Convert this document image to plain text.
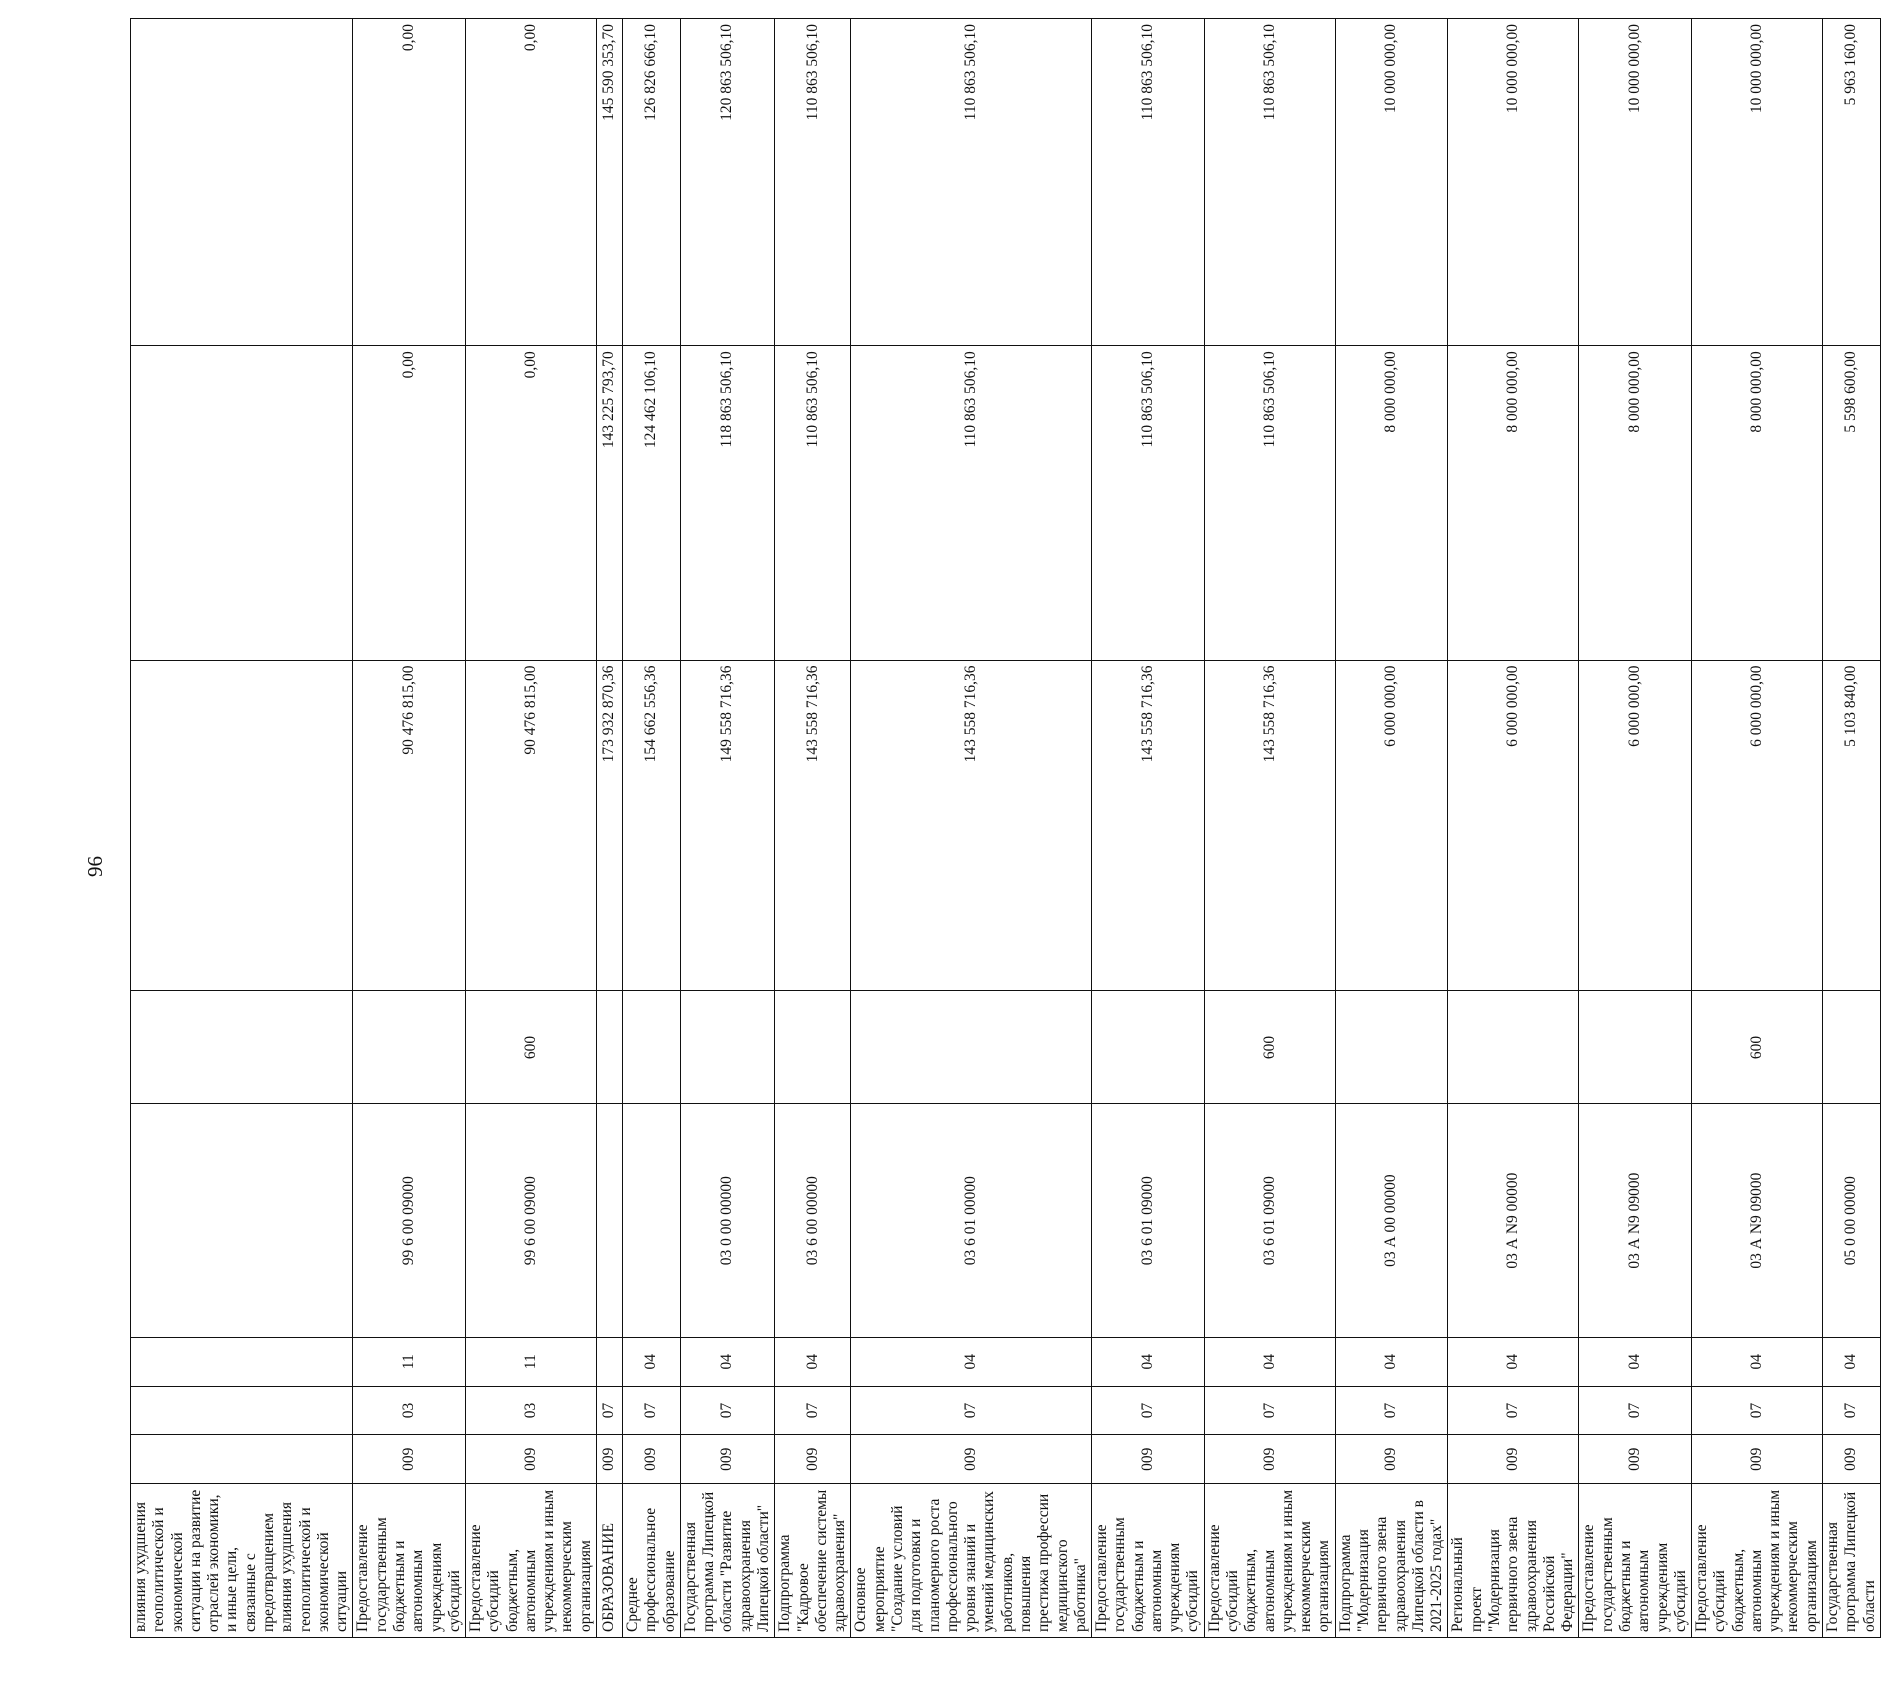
96
влияния ухудшения геополитической и экономической ситуации на развитие отраслей экономики, и иные цели, связанные с предотвращением влияния ухудшения геополитической и экономической ситуации								
Предоставление государственным бюджетным и автономным учреждениям субсидий	009	03	11	99 6 00 09000		90 476 815,00	0,00	0,00
Предоставление субсидий бюджетным, автономным учреждениям и иным некоммерческим организациям	009	03	11	99 6 00 09000	600	90 476 815,00	0,00	0,00
ОБРАЗОВАНИЕ	009	07				173 932 870,36	143 225 793,70	145 590 353,70
Среднее профессиональное образование	009	07	04			154 662 556,36	124 462 106,10	126 826 666,10
Государственная программа Липецкой области "Развитие здравоохранения Липецкой области"	009	07	04	03 0 00 00000		149 558 716,36	118 863 506,10	120 863 506,10
Подпрограмма "Кадровое обеспечение системы здравоохранения"	009	07	04	03 6 00 00000		143 558 716,36	110 863 506,10	110 863 506,10
Основное мероприятие "Создание условий для подготовки и планомерного роста профессионального уровня знаний и умений медицинских работников, повышения престижа профессии медицинского работника"	009	07	04	03 6 01 00000		143 558 716,36	110 863 506,10	110 863 506,10
Предоставление государственным бюджетным и автономным учреждениям субсидий	009	07	04	03 6 01 09000		143 558 716,36	110 863 506,10	110 863 506,10
Предоставление субсидий бюджетным, автономным учреждениям и иным некоммерческим организациям	009	07	04	03 6 01 09000	600	143 558 716,36	110 863 506,10	110 863 506,10
Подпрограмма "Модернизация первичного звена здравоохранения Липецкой области в 2021-2025 годах"	009	07	04	03 А 00 00000		6 000 000,00	8 000 000,00	10 000 000,00
Региональный проект "Модернизация первичного звена здравоохранения Российской Федерации"	009	07	04	03 А N9 00000		6 000 000,00	8 000 000,00	10 000 000,00
Предоставление государственным бюджетным и автономным учреждениям субсидий	009	07	04	03 А N9 09000		6 000 000,00	8 000 000,00	10 000 000,00
Предоставление субсидий бюджетным, автономным учреждениям и иным некоммерческим организациям	009	07	04	03 А N9 09000	600	6 000 000,00	8 000 000,00	10 000 000,00
Государственная программа Липецкой области	009	07	04	05 0 00 00000		5 103 840,00	5 598 600,00	5 963 160,00
